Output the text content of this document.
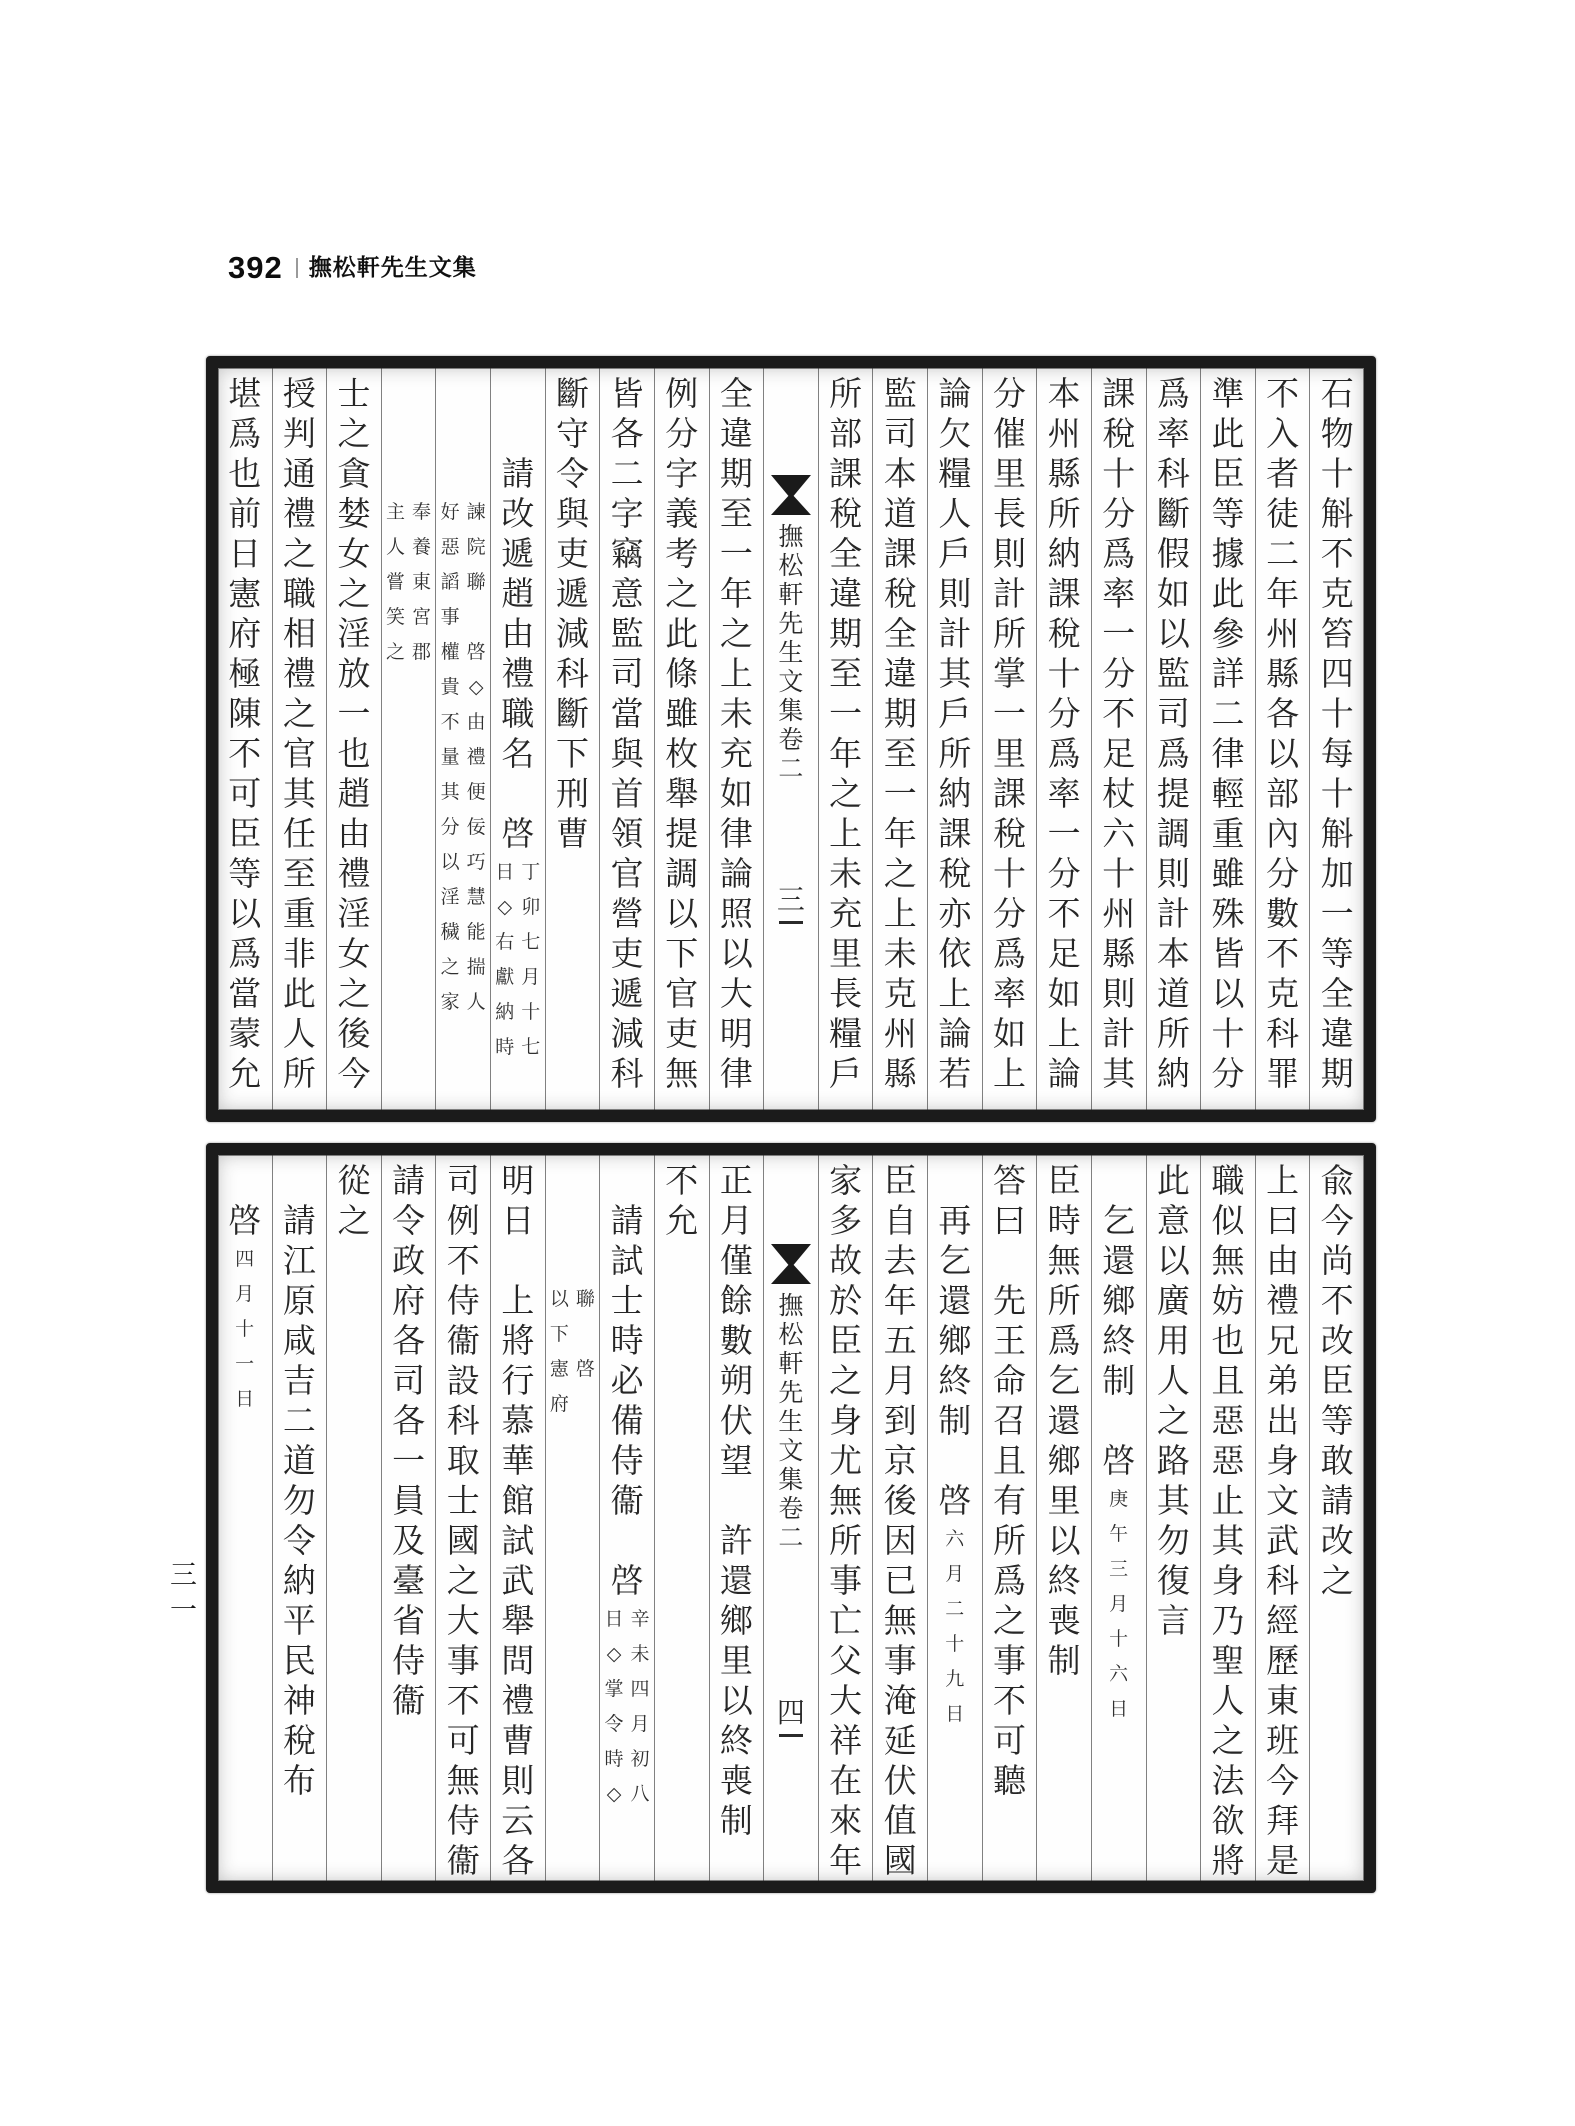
392 撫松軒先生文集
石
物
十
斛
不
克
笞
四
十
每
十
斛
加
一
等
全
違
期
不
入
者
徒
二
年
州
縣
各
以
部
內
分
數
不
克
科
罪
準
此
臣
等
據
此
參
詳
二
律
輕
重
雖
殊
皆
以
十
分
爲
率
科
斷
假
如
以
監
司
爲
提
調
則
計
本
道
所
納
課
稅
十
分
爲
率
一
分
不
足
杖
六
十
州
縣
則
計
其
本
州
縣
所
納
課
稅
十
分
爲
率
一
分
不
足
如
上
論
分
催
里
長
則
計
所
掌
一
里
課
稅
十
分
爲
率
如
上
論
欠
糧
人
戶
則
計
其
戶
所
納
課
稅
亦
依
上
論
若
監
司
本
道
課
稅
全
違
期
至
一
年
之
上
未
克
州
縣
所
部
課
稅
全
違
期
至
一
年
之
上
未
充
里
長
糧
戶
撫
松
軒
先
生
文
集
卷
二
三
全
違
期
至
一
年
之
上
未
充
如
律
論
照
以
大
明
律
例
分
字
義
考
之
此
條
雖
枚
舉
提
調
以
下
官
吏
無
皆
各
二
字
竊
意
監
司
當
與
首
領
官
營
吏
遞
減
科
斷
守
令
與
吏
遞
減
科
斷
下
刑
曹
請
改
遞
趙
由
禮
職
名
啓
丁
卯
七
月
十
七
日
◇
右
獻
納
時
諫
院
聯
啓
◇
由
禮
便
佞
巧
慧
能
揣
人
好
惡
謟
事
權
貴
不
量
其
分
以
淫
穢
之
家
奉
養
東
宮
郡
主
人
嘗
笑
之
士
之
貪
婪
女
之
淫
放
一
也
趙
由
禮
淫
女
之
後
今
授
判
通
禮
之
職
相
禮
之
官
其
任
至
重
非
此
人
所
堪
爲
也
前
日
憲
府
極
陳
不
可
臣
等
以
爲
當
蒙
允
兪
今
尚
不
改
臣
等
敢
請
改
之
上
曰
由
禮
兄
弟
出
身
文
武
科
經
歷
東
班
今
拜
是
職
似
無
妨
也
且
惡
惡
止
其
身
乃
聖
人
之
法
欲
將
此
意
以
廣
用
人
之
路
其
勿
復
言
乞
還
鄉
終
制
啓
庚
午
三
月
十
六
日
臣
時
無
所
爲
乞
還
鄉
里
以
終
喪
制
答
曰
先
王
命
召
且
有
所
爲
之
事
不
可
聽
再
乞
還
鄉
終
制
啓
六
月
二
十
九
日
臣
自
去
年
五
月
到
京
後
因
已
無
事
淹
延
伏
值
國
家
多
故
於
臣
之
身
尤
無
所
事
亡
父
大
祥
在
來
年
撫
松
軒
先
生
文
集
卷
二
四
正
月
僅
餘
數
朔
伏
望
許
還
鄉
里
以
終
喪
制
不
允
請
試
士
時
必
備
侍
衞
啓
辛
未
四
月
初
八
日
◇
掌
令
時
◇
聯
啓
以
下
憲
府
明
日
上
將
行
慕
華
館
試
武
舉
問
禮
曹
則
云
各
司
例
不
侍
衞
設
科
取
士
國
之
大
事
不
可
無
侍
衞
請
令
政
府
各
司
各
一
員
及
臺
省
侍
衞
從
之
請
江
原
咸
吉
二
道
勿
令
納
平
民
神
稅
布
啓
四
月
十
一
日
三一
